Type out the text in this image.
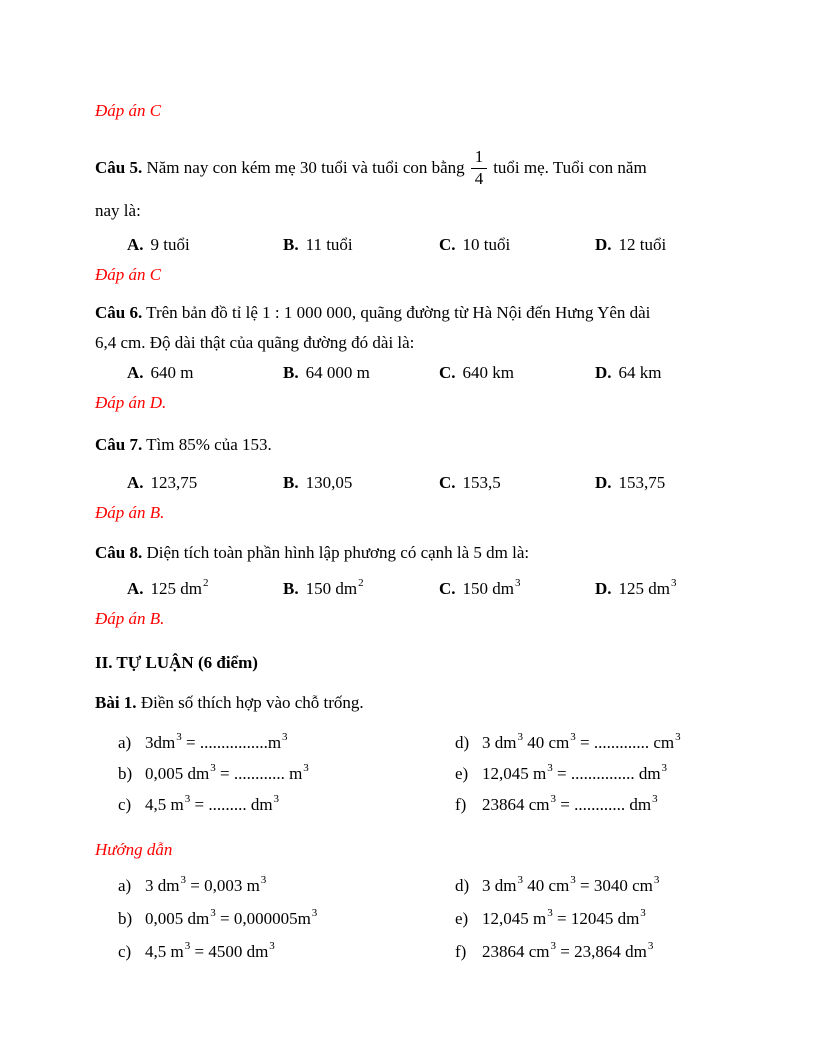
Đáp án C
Câu 5. Năm nay con kém mẹ 30 tuổi và tuổi con bằng $\frac{1}{4}$ tuổi mẹ. Tuổi con năm
nay là:
A. 9 tuổi	B. 11 tuổi	C. 10 tuổi	D. 12 tuổi
Đáp án C
Câu 6. Trên bản đồ tỉ lệ 1 : 1 000 000, quãng đường từ Hà Nội đến Hưng Yên dài
6,4 cm. Độ dài thật của quãng đường đó dài là:
A. 640 m	B. 64 000 m	C. 640 km	D. 64 km
Đáp án D.
Câu 7. Tìm 85% của 153.
A. 123,75	B. 130,05	C. 153,5	D. 153,75
Đáp án B.
Câu 8. Diện tích toàn phần hình lập phương có cạnh là 5 dm là:
A. 125 $dm^2$	B. 150 $dm^2$	C. 150 $dm^3$	D. 125 $dm^3$
Đáp án B.
II. TỰ LUẬN (6 điểm)
Bài 1. Điền số thích hợp vào chỗ trống.
a) $3dm^3 = ................m^3$
b) 0,005 $dm^3$ = ............ $m^3$
c) 4,5 $m^3$ = ......... $dm^3$
d) 3 $dm^3$ 40 $cm^3$ = ............. $cm^3$
e) 12,045 $m^3$ = ............... $dm^3$
f) 23864 $cm^3$ = ............ $dm^3$
Hướng dẫn
a) 3 $dm^3 = 0,003$ $m^3$
b) 0,005 $dm^3 = 0,000005m^3$
c) 4,5 $m^3 = 4500$ $dm^3$
d) 3 $dm^3$ 40 $cm^3 = 3040$ $cm^3$
e) 12,045 $m^3 = 12045$ $dm^3$
f) 23864 $cm^3 = 23,864$ $dm^3$
